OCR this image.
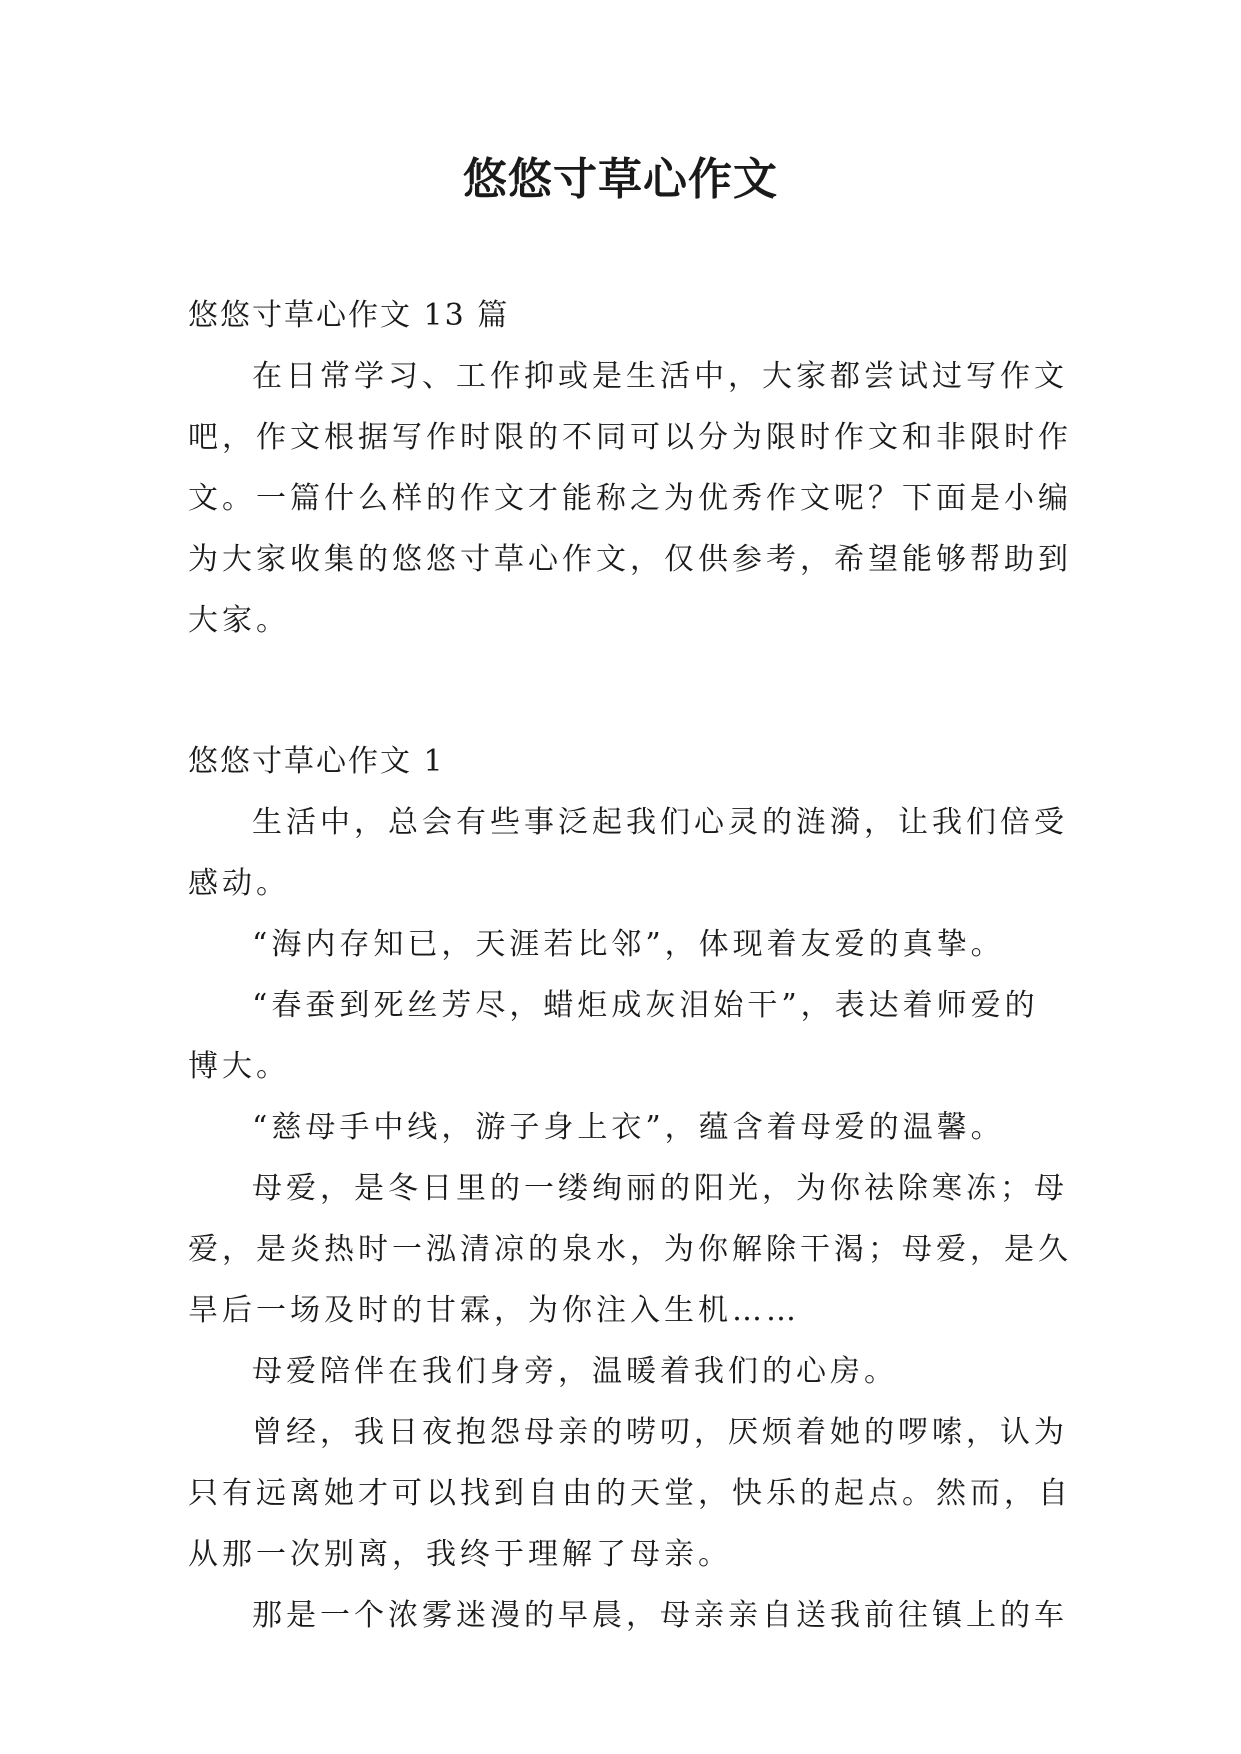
悠悠寸草心作文

悠悠寸草心作文 13 篇

在日常学习、工作抑或是生活中，大家都尝试过写作文

吧，作文根据写作时限的不同可以分为限时作文和非限时作

文。一篇什么样的作文才能称之为优秀作文呢？下面是小编

为大家收集的悠悠寸草心作文，仅供参考，希望能够帮助到

大家。

悠悠寸草心作文 1

生活中，总会有些事泛起我们心灵的涟漪，让我们倍受

感动。

“海内存知已，天涯若比邻”，体现着友爱的真挚。

“春蚕到死丝芳尽，蜡炬成灰泪始干”，表达着师爱的

博大。

“慈母手中线，游子身上衣”，蕴含着母爱的温馨。

母爱，是冬日里的一缕绚丽的阳光，为你祛除寒冻；母

爱，是炎热时一泓清凉的泉水，为你解除干渴；母爱，是久

旱后一场及时的甘霖，为你注入生机……

母爱陪伴在我们身旁，温暖着我们的心房。

曾经，我日夜抱怨母亲的唠叨，厌烦着她的啰嗦，认为

只有远离她才可以找到自由的天堂，快乐的起点。然而，自

从那一次别离，我终于理解了母亲。

那是一个浓雾迷漫的早晨，母亲亲自送我前往镇上的车
